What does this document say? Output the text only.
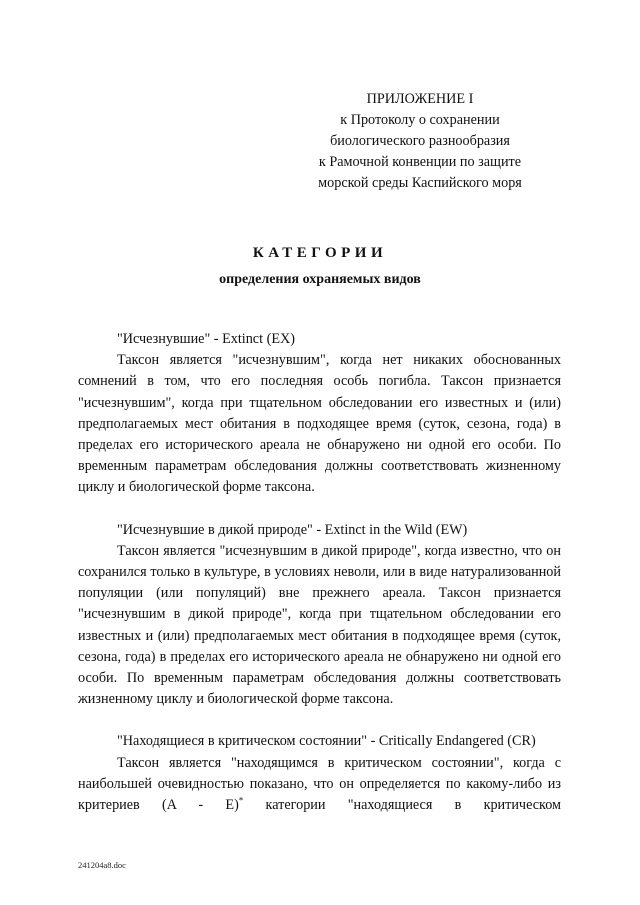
ПРИЛОЖЕНИЕ I
к Протоколу о сохранении
биологического разнообразия
к Рамочной конвенции по защите
морской среды Каспийского моря
КАТЕГОРИИ
определения охраняемых видов
"Исчезнувшие" - Extinct (EX)

Таксон является "исчезнувшим", когда нет никаких обоснованных сомнений в том, что его последняя особь погибла. Таксон признается "исчезнувшим", когда при тщательном обследовании его известных и (или) предполагаемых мест обитания в подходящее время (суток, сезона, года) в пределах его исторического ареала не обнаружено ни одной его особи. По временным параметрам обследования должны соответствовать жизненному циклу и биологической форме таксона.

"Исчезнувшие в дикой природе" - Extinct in the Wild (EW)

Таксон является "исчезнувшим в дикой природе", когда известно, что он сохранился только в культуре, в условиях неволи, или в виде натурализованной популяции (или популяций) вне прежнего ареала. Таксон признается "исчезнувшим в дикой природе", когда при тщательном обследовании его известных и (или) предполагаемых мест обитания в подходящее время (суток, сезона, года) в пределах его исторического ареала не обнаружено ни одной его особи. По временным параметрам обследования должны соответствовать жизненному циклу и биологической форме таксона.

"Находящиеся в критическом состоянии" - Critically Endangered (CR)

Таксон является "находящимся в критическом состоянии", когда с наибольшей очевидностью показано, что он определяется по какому-либо из критериев (A - E)* категории "находящиеся в критическом

241204a8.doc
